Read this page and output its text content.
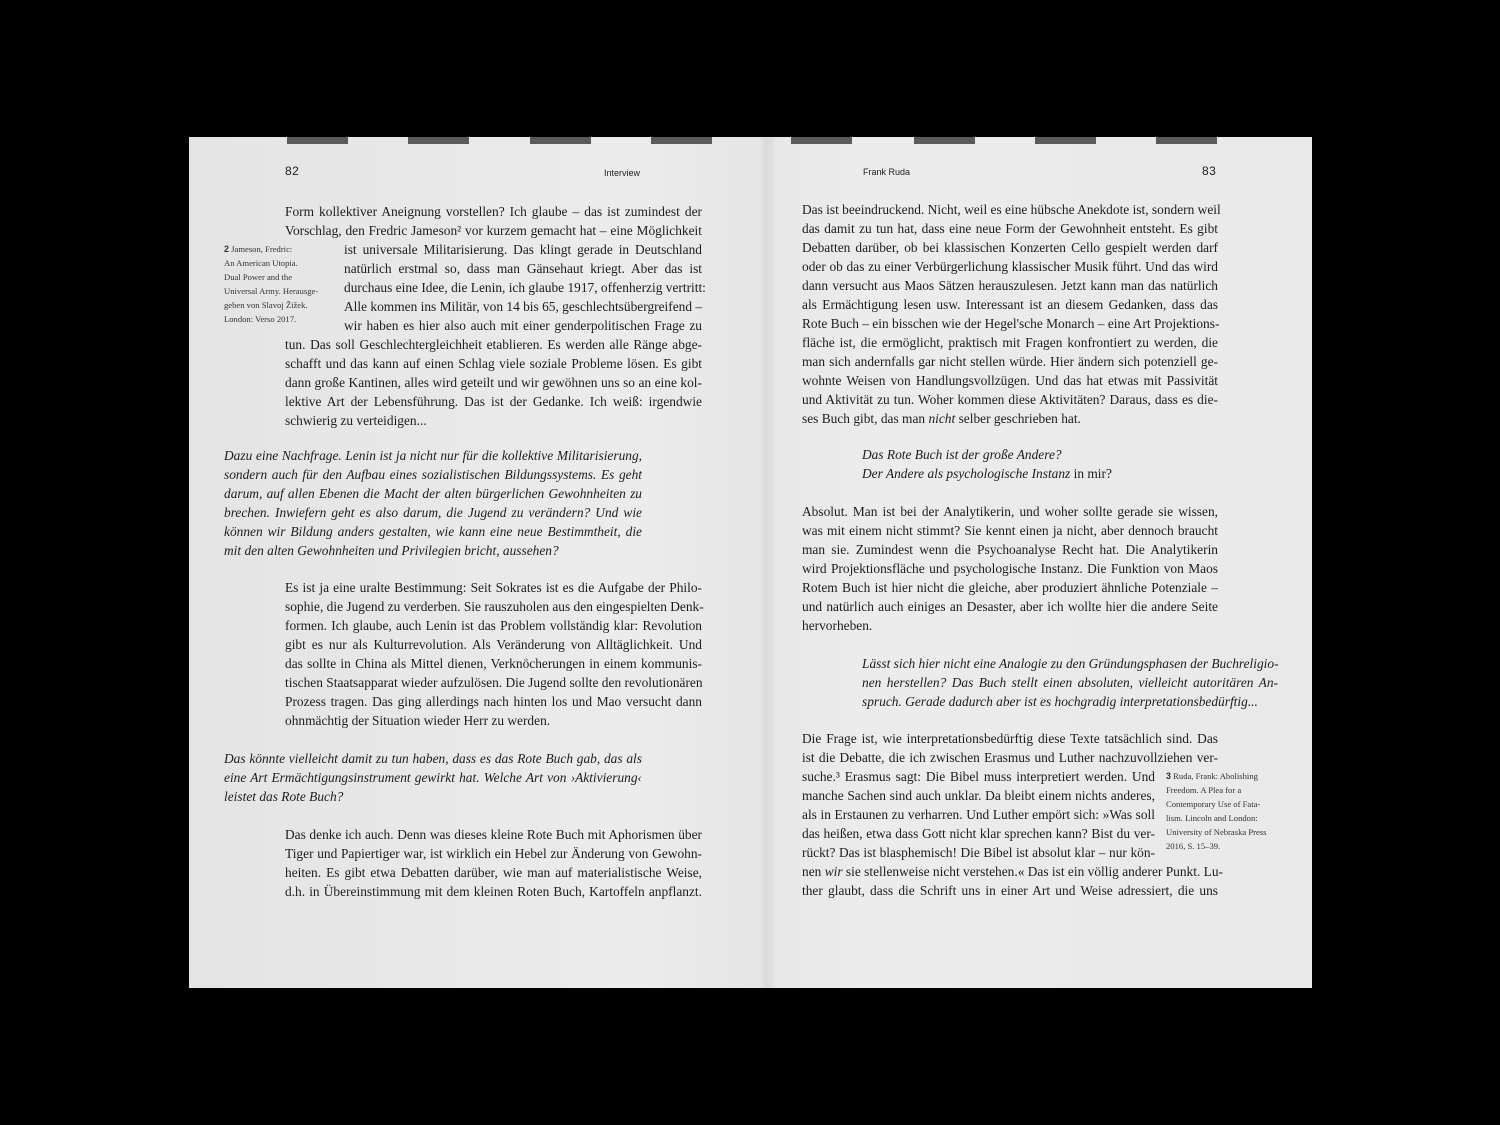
82	Interview	Frank Ruda	83
Form kollektiver Aneignung vorstellen? Ich glaube – das ist zumindest der
Vorschlag, den Fredric Jameson² vor kurzem gemacht hat – eine Möglichkeit
ist universale Militarisierung. Das klingt gerade in Deutschland
natürlich erstmal so, dass man Gänsehaut kriegt. Aber das ist
durchaus eine Idee, die Lenin, ich glaube 1917, offenherzig vertritt:
Alle kommen ins Militär, von 14 bis 65, geschlechtsübergreifend –
wir haben es hier also auch mit einer genderpolitischen Frage zu
tun. Das soll Geschlechtergleichheit etablieren. Es werden alle Ränge abge-
schafft und das kann auf einen Schlag viele soziale Probleme lösen. Es gibt
dann große Kantinen, alles wird geteilt und wir gewöhnen uns so an eine kol-
lektive Art der Lebensführung. Das ist der Gedanke. Ich weiß: irgendwie
schwierig zu verteidigen...
2 Jameson, Fredric:
An American Utopia.
Dual Power and the
Universal Army. Herausge-
geben von Slavoj Žižek.
London: Verso 2017.
Dazu eine Nachfrage. Lenin ist ja nicht nur für die kollektive Militarisierung,
sondern auch für den Aufbau eines sozialistischen Bildungssystems. Es geht
darum, auf allen Ebenen die Macht der alten bürgerlichen Gewohnheiten zu
brechen. Inwiefern geht es also darum, die Jugend zu verändern? Und wie
können wir Bildung anders gestalten, wie kann eine neue Bestimmtheit, die
mit den alten Gewohnheiten und Privilegien bricht, aussehen?
Es ist ja eine uralte Bestimmung: Seit Sokrates ist es die Aufgabe der Philo-
sophie, die Jugend zu verderben. Sie rauszuholen aus den eingespielten Denk-
formen. Ich glaube, auch Lenin ist das Problem vollständig klar: Revolution
gibt es nur als Kulturrevolution. Als Veränderung von Alltäglichkeit. Und
das sollte in China als Mittel dienen, Verknöcherungen in einem kommunis-
tischen Staatsapparat wieder aufzulösen. Die Jugend sollte den revolutionären
Prozess tragen. Das ging allerdings nach hinten los und Mao versucht dann
ohnmächtig der Situation wieder Herr zu werden.
Das könnte vielleicht damit zu tun haben, dass es das Rote Buch gab, das als
eine Art Ermächtigungsinstrument gewirkt hat. Welche Art von ›Aktivierung‹
leistet das Rote Buch?
Das denke ich auch. Denn was dieses kleine Rote Buch mit Aphorismen über
Tiger und Papiertiger war, ist wirklich ein Hebel zur Änderung von Gewohn-
heiten. Es gibt etwa Debatten darüber, wie man auf materialistische Weise,
d.h. in Übereinstimmung mit dem kleinen Roten Buch, Kartoffeln anpflanzt.
Das ist beeindruckend. Nicht, weil es eine hübsche Anekdote ist, sondern weil
das damit zu tun hat, dass eine neue Form der Gewohnheit entsteht. Es gibt
Debatten darüber, ob bei klassischen Konzerten Cello gespielt werden darf
oder ob das zu einer Verbürgerlichung klassischer Musik führt. Und das wird
dann versucht aus Maos Sätzen herauszulesen. Jetzt kann man das natürlich
als Ermächtigung lesen usw. Interessant ist an diesem Gedanken, dass das
Rote Buch – ein bisschen wie der Hegel'sche Monarch – eine Art Projektions-
fläche ist, die ermöglicht, praktisch mit Fragen konfrontiert zu werden, die
man sich andernfalls gar nicht stellen würde. Hier ändern sich potenziell ge-
wohnte Weisen von Handlungsvollzügen. Und das hat etwas mit Passivität
und Aktivität zu tun. Woher kommen diese Aktivitäten? Daraus, dass es die-
ses Buch gibt, das man nicht selber geschrieben hat.
Das Rote Buch ist der große Andere?
Der Andere als psychologische Instanz in mir?
Absolut. Man ist bei der Analytikerin, und woher sollte gerade sie wissen,
was mit einem nicht stimmt? Sie kennt einen ja nicht, aber dennoch braucht
man sie. Zumindest wenn die Psychoanalyse Recht hat. Die Analytikerin
wird Projektionsfläche und psychologische Instanz. Die Funktion von Maos
Rotem Buch ist hier nicht die gleiche, aber produziert ähnliche Potenziale –
und natürlich auch einiges an Desaster, aber ich wollte hier die andere Seite
hervorheben.
Lässt sich hier nicht eine Analogie zu den Gründungsphasen der Buchreligio-
nen herstellen? Das Buch stellt einen absoluten, vielleicht autoritären An-
spruch. Gerade dadurch aber ist es hochgradig interpretationsbedürftig...
Die Frage ist, wie interpretationsbedürftig diese Texte tatsächlich sind. Das
ist die Debatte, die ich zwischen Erasmus und Luther nachzuvollziehen ver-
suche.³ Erasmus sagt: Die Bibel muss interpretiert werden. Und
manche Sachen sind auch unklar. Da bleibt einem nichts anderes,
als in Erstaunen zu verharren. Und Luther empört sich: »Was soll
das heißen, etwa dass Gott nicht klar sprechen kann? Bist du ver-
rückt? Das ist blasphemisch! Die Bibel ist absolut klar – nur kön-
nen wir sie stellenweise nicht verstehen.« Das ist ein völlig anderer Punkt. Lu-
ther glaubt, dass die Schrift uns in einer Art und Weise adressiert, die uns
3 Ruda, Frank: Abolishing
Freedom. A Plea for a
Contemporary Use of Fata-
lism. Lincoln and London:
University of Nebraska Press
2016, S. 15–39.
